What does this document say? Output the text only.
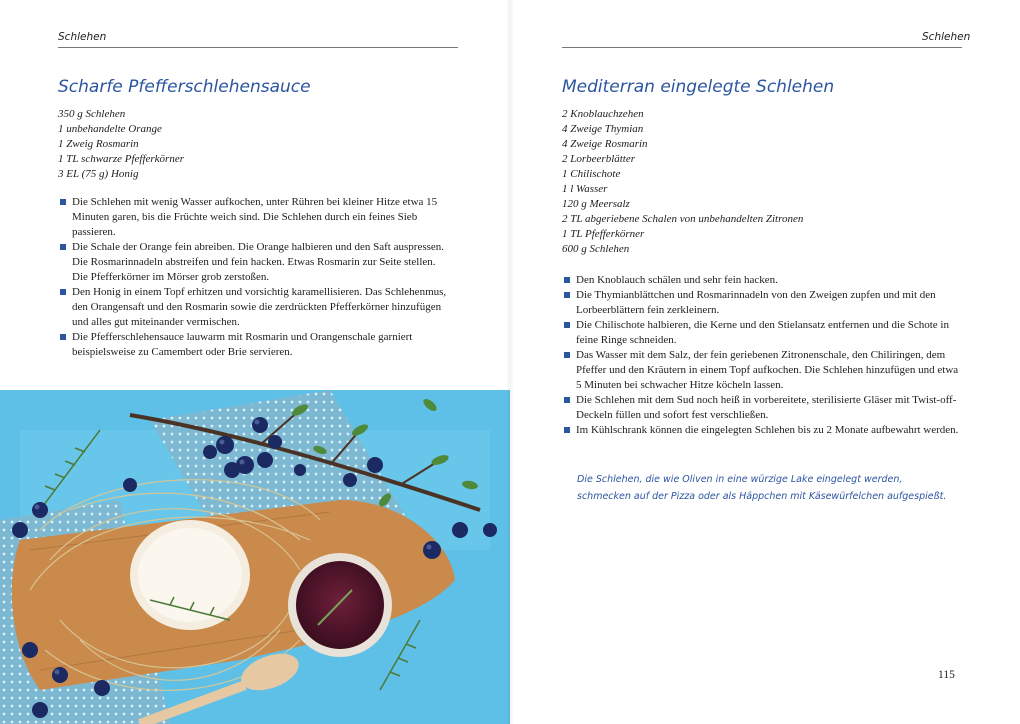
Schlehen
Scharfe Pfefferschlehensauce
350 g Schlehen
1 unbehandelte Orange
1 Zweig Rosmarin
1 TL schwarze Pfefferkörner
3 EL (75 g) Honig
Die Schlehen mit wenig Wasser aufkochen, unter Rühren bei kleiner Hitze etwa 15 Minuten garen, bis die Früchte weich sind. Die Schlehen durch ein feines Sieb passieren.
Die Schale der Orange fein abreiben. Die Orange halbieren und den Saft auspressen. Die Rosmarinnadeln abstreifen und fein hacken. Etwas Rosmarin zur Seite stellen. Die Pfefferkörner im Mörser grob zerstoßen.
Den Honig in einem Topf erhitzen und vorsichtig karamellisieren. Das Schlehenmus, den Orangensaft und den Rosmarin sowie die zerdrückten Pfefferkörner hinzufügen und alles gut miteinander vermischen.
Die Pfefferschlehensauce lauwarm mit Rosmarin und Orangenschale garniert beispielsweise zu Camembert oder Brie servieren.
Schlehen
Mediterran eingelegte Schlehen
2 Knoblauchzehen
4 Zweige Thymian
4 Zweige Rosmarin
2 Lorbeerblätter
1 Chilischote
1 l Wasser
120 g Meersalz
2 TL abgeriebene Schalen von unbehandelten Zitronen
1 TL Pfefferkörner
600 g Schlehen
Den Knoblauch schälen und sehr fein hacken.
Die Thymianblättchen und Rosmarinnadeln von den Zweigen zupfen und mit den Lorbeerblättern fein zerkleinern.
Die Chilischote halbieren, die Kerne und den Stielansatz entfernen und die Schote in feine Ringe schneiden.
Das Wasser mit dem Salz, der fein geriebenen Zitronenschale, den Chiliringen, dem Pfeffer und den Kräutern in einem Topf aufkochen. Die Schlehen hinzufügen und etwa 5 Minuten bei schwacher Hitze köcheln lassen.
Die Schlehen mit dem Sud noch heiß in vorbereitete, sterilisierte Gläser mit Twist-off-Deckeln füllen und sofort fest verschließen.
Im Kühlschrank können die eingelegten Schlehen bis zu 2 Monate aufbewahrt werden.
Die Schlehen, die wie Oliven in eine würzige Lake eingelegt werden, schmecken auf der Pizza oder als Häppchen mit Käsewürfelchen aufgespießt.
115
